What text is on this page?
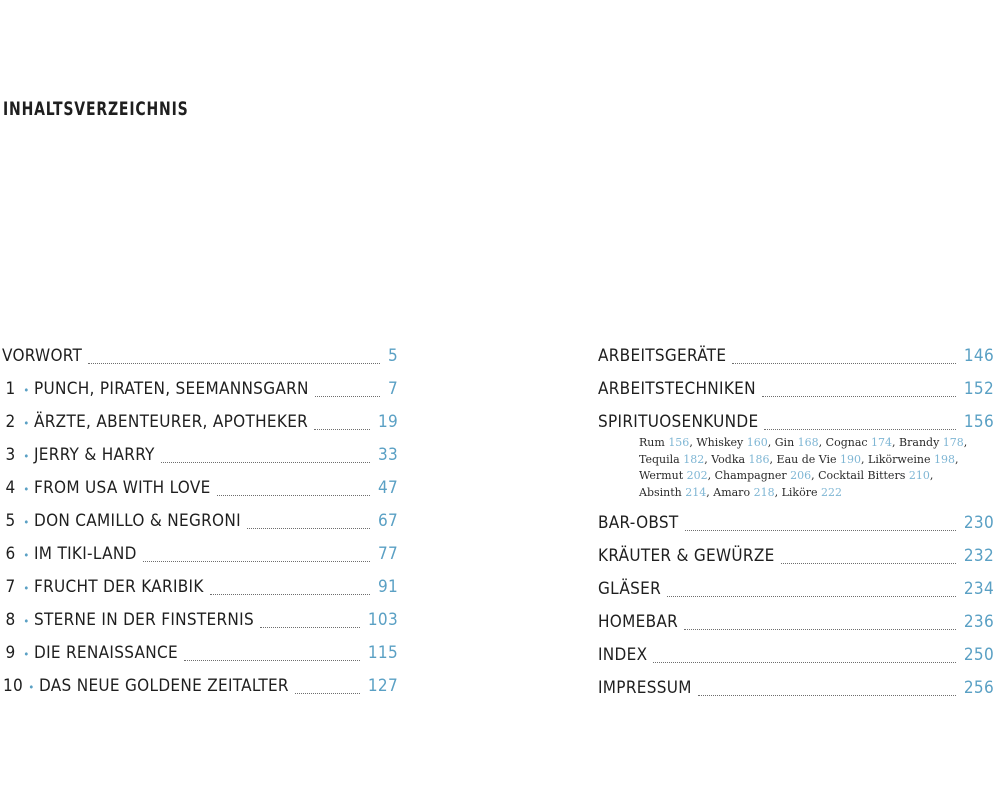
INHALTSVERZEICHNIS
VORWORT	5
1 • PUNCH, PIRATEN, SEEMANNSGARN	7
2 • ÄRZTE, ABENTEURER, APOTHEKER	19
3 • JERRY & HARRY	33
4 • FROM USA WITH LOVE	47
5 • DON CAMILLO & NEGRONI	67
6 • IM TIKI-LAND	77
7 • FRUCHT DER KARIBIK	91
8 • STERNE IN DER FINSTERNIS	103
9 • DIE RENAISSANCE	115
10 • DAS NEUE GOLDENE ZEITALTER	127
ARBEITSGERÄTE	146
ARBEITSTECHNIKEN	152
SPIRITUOSENKUNDE	156
Rum 156, Whiskey 160, Gin 168, Cognac 174, Brandy 178,
Tequila 182, Vodka 186, Eau de Vie 190, Likörweine 198,
Wermut 202, Champagner 206, Cocktail Bitters 210,
Absinth 214, Amaro 218, Liköre 222
BAR-OBST	230
KRÄUTER & GEWÜRZE	232
GLÄSER	234
HOMEBAR	236
INDEX	250
IMPRESSUM	256
